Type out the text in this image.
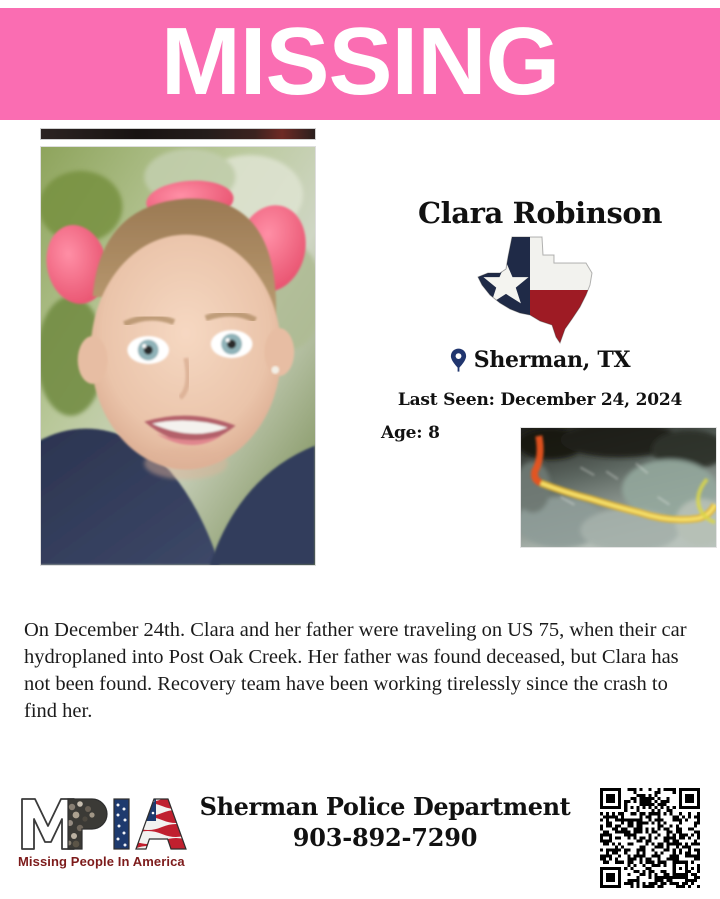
MISSING
Clara Robinson
Sherman, TX
Last Seen: December 24, 2024
Age: 8

On December 24th. Clara and her father were traveling on US 75, when their car hydroplaned into Post Oak Creek. Her father was found deceased, but Clara has not been found. Recovery team have been working tirelessly since the crash to find her.

Missing People In America
Sherman Police Department
903-892-7290
